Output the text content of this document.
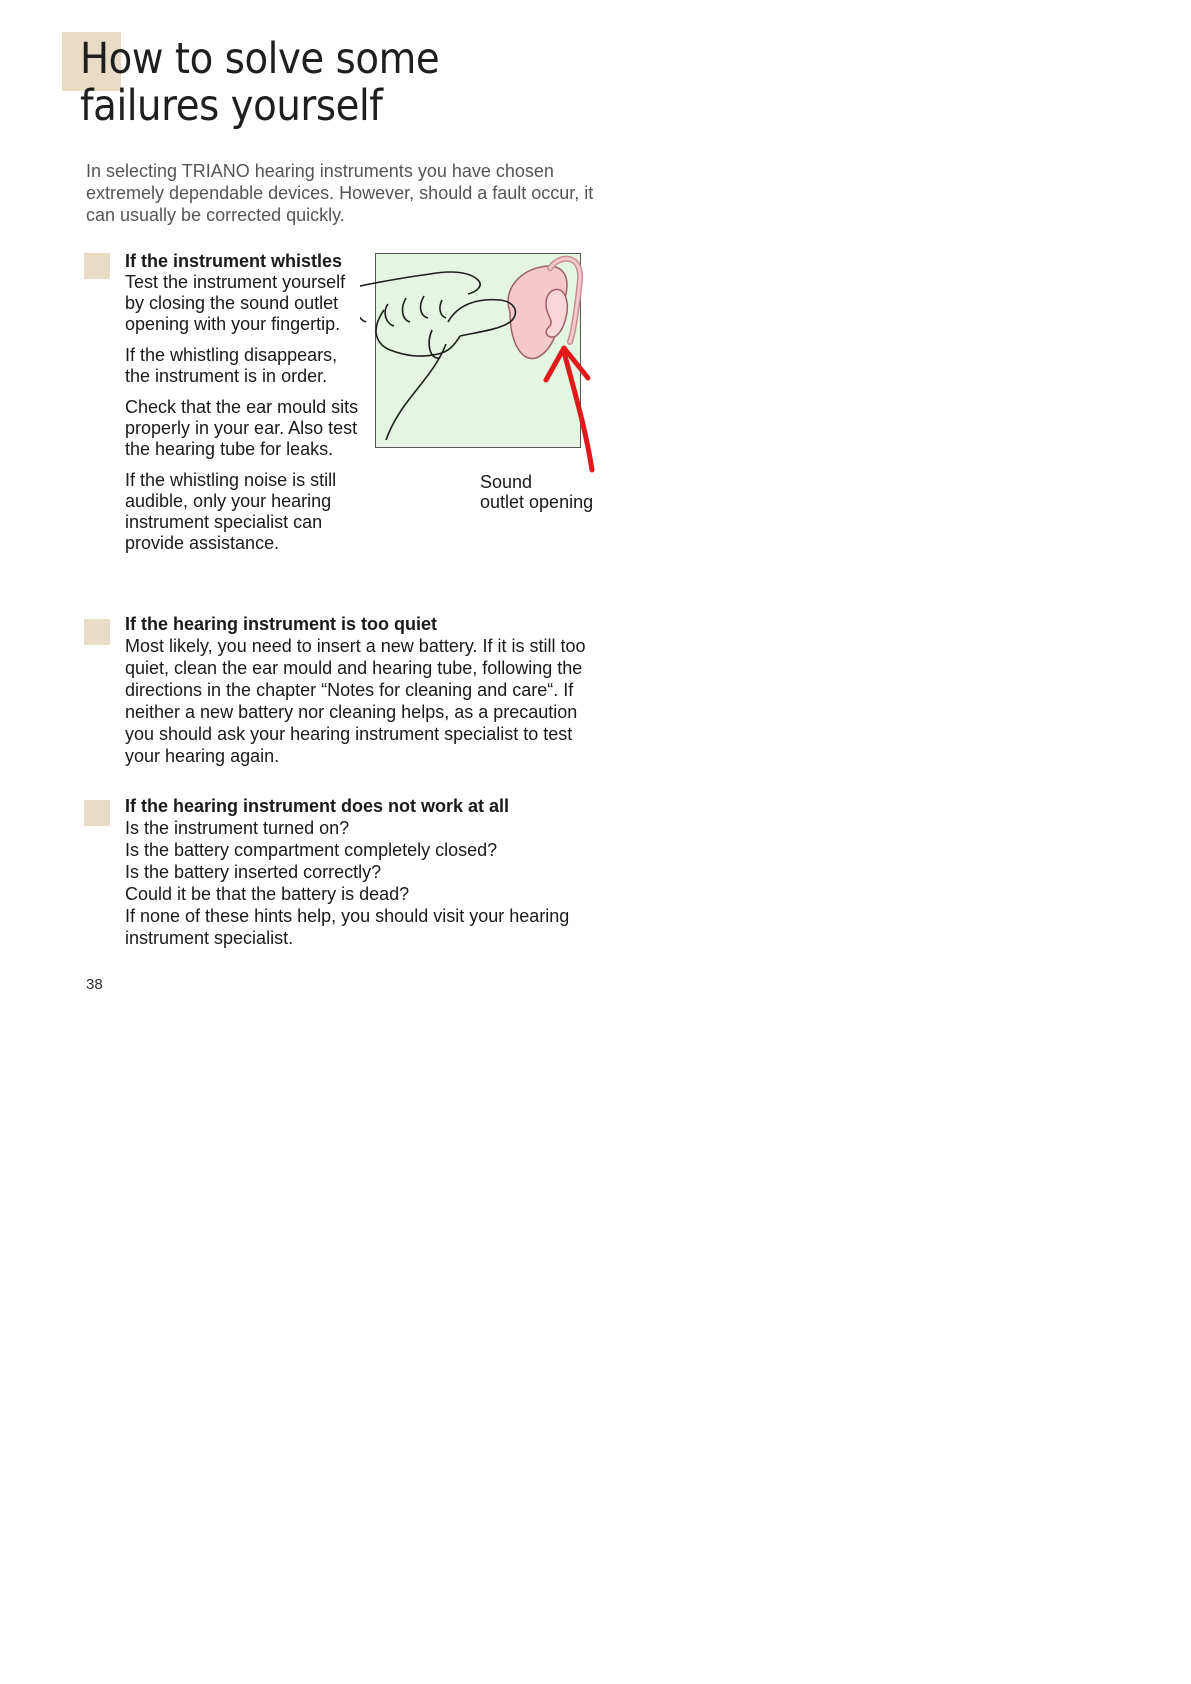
How to solve some
failures yourself

In selecting TRIANO hearing instruments you have chosen extremely dependable devices. However, should a fault occur, it can usually be corrected quickly.

If the instrument whistles

Test the instrument yourself by closing the sound outlet opening with your fingertip.

If the whistling disappears, the instrument is in order.

Check that the ear mould sits properly in your ear. Also test the hearing tube for leaks.

If the whistling noise is still audible, only your hearing instrument specialist can provide assistance.

Sound
outlet opening

If the hearing instrument is too quiet

Most likely, you need to insert a new battery. If it is still too quiet, clean the ear mould and hearing tube, following the directions in the chapter “Notes for cleaning and care“. If neither a new battery nor cleaning helps, as a precaution you should ask your hearing instrument specialist to test your hearing again.

If the hearing instrument does not work at all

Is the instrument turned on?

Is the battery compartment completely closed?

Is the battery inserted correctly?

Could it be that the battery is dead?

If none of these hints help, you should visit your hearing instrument specialist.

38
